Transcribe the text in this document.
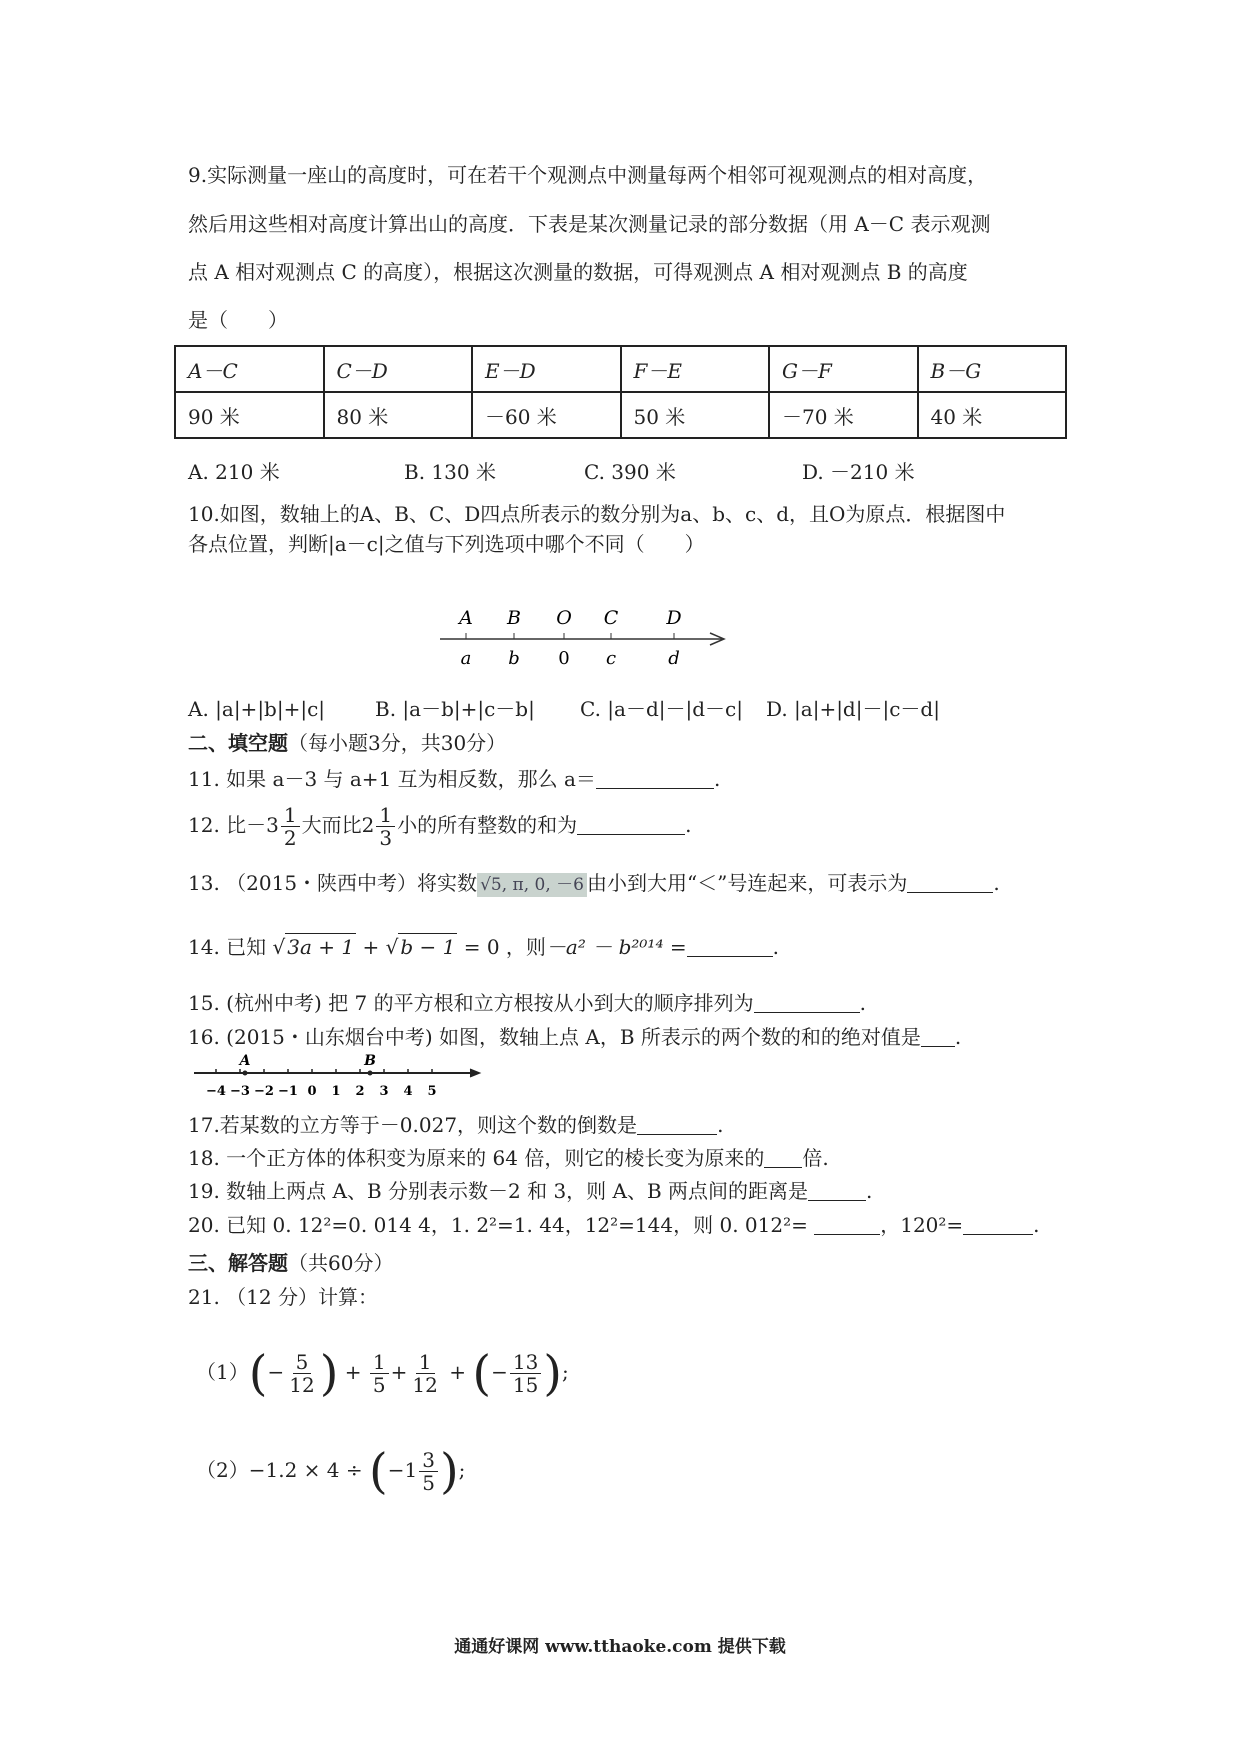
9.实际测量一座山的高度时，可在若干个观测点中测量每两个相邻可视观测点的相对高度，
然后用这些相对高度计算出山的高度．下表是某次测量记录的部分数据（用 A－C 表示观测
点 A 相对观测点 C 的高度），根据这次测量的数据，可得观测点 A 相对观测点 B 的高度
是（　　）
A－C	C－D	E－D	F－E	G－F	B－G
90 米	80 米	－60 米	50 米	－70 米	40 米
A. 210 米	B. 130 米	C. 390 米	D. －210 米
10.如图，数轴上的A、B、C、D四点所表示的数分别为a、b、c、d，且O为原点．根据图中
各点位置，判断|a－c|之值与下列选项中哪个不同（　　）
A B O C	D
a b 0 c	d
A. |a|+|b|+|c| B. |a－b|+|c－b| C. |a－d|－|d－c| D. |a|+|d|－|c－d|
二、填空题（每小题3分，共30分）
11. 如果 a－3 与 a+1 互为相反数，那么 a＝	.
12. 比$-3 \frac{1}{2}$ 大而比$2 \frac{1}{3}$ 小的所有整数的和为	.
13. （2015・陕西中考）将实数 √5, π, 0, －6 由小到大用“＜”号连起来，可表示为	.
14. 已知 √ 3a + 1 + √ b − 1 = 0 ，则－a² － b²⁰¹⁴ =	.
15. (杭州中考) 把 7 的平方根和立方根按从小到大的顺序排列为	.
16. (2015・山东烟台中考) 如图，数轴上点 A，B 所表示的两个数的和的绝对值是 .
−4 −3 −2 −1 0 1 2 3 4 5
A	B
17.若某数的立方等于－0.027，则这个数的倒数是	.
18. 一个正方体的体积变为原来的 64 倍，则它的棱长变为原来的 倍.
19. 数轴上两点 A、B 分别表示数－2 和 3，则 A、B 两点间的距离是	.
20. 已知 0. 12²=0. 014 4，1. 2²=1. 44，12²=144，则 0. 012²=	，120²=	.
三、解答题（共60分）
21. （12 分）计算：
$(1)(- \frac{5}{12}$ ) + $\frac{1}{5} + \frac{1}{12}$ + (− $\frac{13}{15}$ );
$(2)-1.2 \times 4 \div (-1 \frac{3}{5}$ );
通通好课网 www.tthaoke.com 提供下载
